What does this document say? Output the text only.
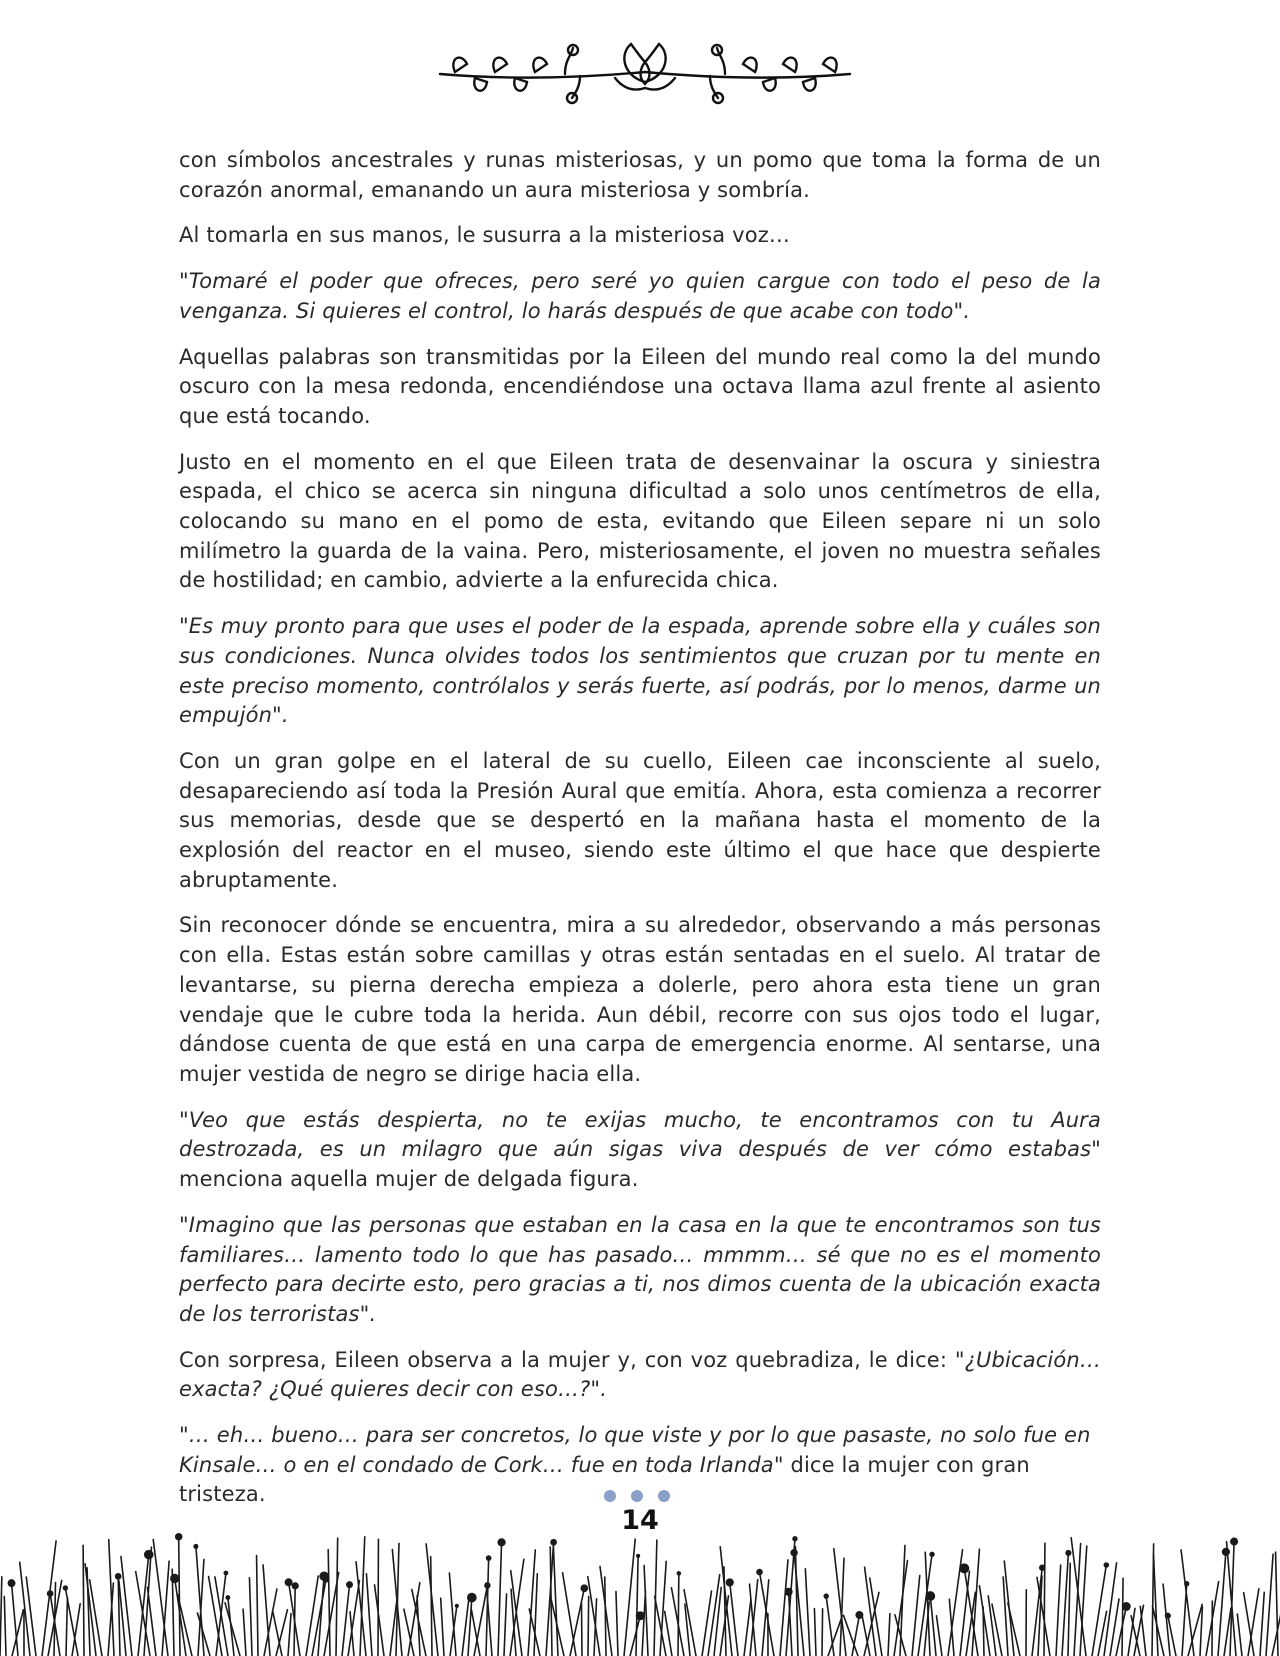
con símbolos ancestrales y runas misteriosas, y un pomo que toma la forma de un corazón anormal, emanando un aura misteriosa y sombría.

Al tomarla en sus manos, le susurra a la misteriosa voz…

"Tomaré el poder que ofreces, pero seré yo quien cargue con todo el peso de la venganza. Si quieres el control, lo harás después de que acabe con todo".

Aquellas palabras son transmitidas por la Eileen del mundo real como la del mundo oscuro con la mesa redonda, encendiéndose una octava llama azul frente al asiento que está tocando.

Justo en el momento en el que Eileen trata de desenvainar la oscura y siniestra espada, el chico se acerca sin ninguna dificultad a solo unos centímetros de ella, colocando su mano en el pomo de esta, evitando que Eileen separe ni un solo milímetro la guarda de la vaina. Pero, misteriosamente, el joven no muestra señales de hostilidad; en cambio, advierte a la enfurecida chica.

"Es muy pronto para que uses el poder de la espada, aprende sobre ella y cuáles son sus condiciones. Nunca olvides todos los sentimientos que cruzan por tu mente en este preciso momento, contrólalos y serás fuerte, así podrás, por lo menos, darme un empujón".

Con un gran golpe en el lateral de su cuello, Eileen cae inconsciente al suelo, desapareciendo así toda la Presión Aural que emitía. Ahora, esta comienza a recorrer sus memorias, desde que se despertó en la mañana hasta el momento de la explosión del reactor en el museo, siendo este último el que hace que despierte abruptamente.

Sin reconocer dónde se encuentra, mira a su alrededor, observando a más personas con ella. Estas están sobre camillas y otras están sentadas en el suelo. Al tratar de levantarse, su pierna derecha empieza a dolerle, pero ahora esta tiene un gran vendaje que le cubre toda la herida. Aun débil, recorre con sus ojos todo el lugar, dándose cuenta de que está en una carpa de emergencia enorme. Al sentarse, una mujer vestida de negro se dirige hacia ella.

"Veo que estás despierta, no te exijas mucho, te encontramos con tu Aura destrozada, es un milagro que aún sigas viva después de ver cómo estabas" menciona aquella mujer de delgada figura.

"Imagino que las personas que estaban en la casa en la que te encontramos son tus familiares… lamento todo lo que has pasado… mmmm… sé que no es el momento perfecto para decirte esto, pero gracias a ti, nos dimos cuenta de la ubicación exacta de los terroristas".

Con sorpresa, Eileen observa a la mujer y, con voz quebradiza, le dice: "¿Ubicación… exacta? ¿Qué quieres decir con eso…?".

"… eh… bueno… para ser concretos, lo que viste y por lo que pasaste, no solo fue en Kinsale… o en el condado de Cork… fue en toda Irlanda" dice la mujer con gran tristeza.

14
